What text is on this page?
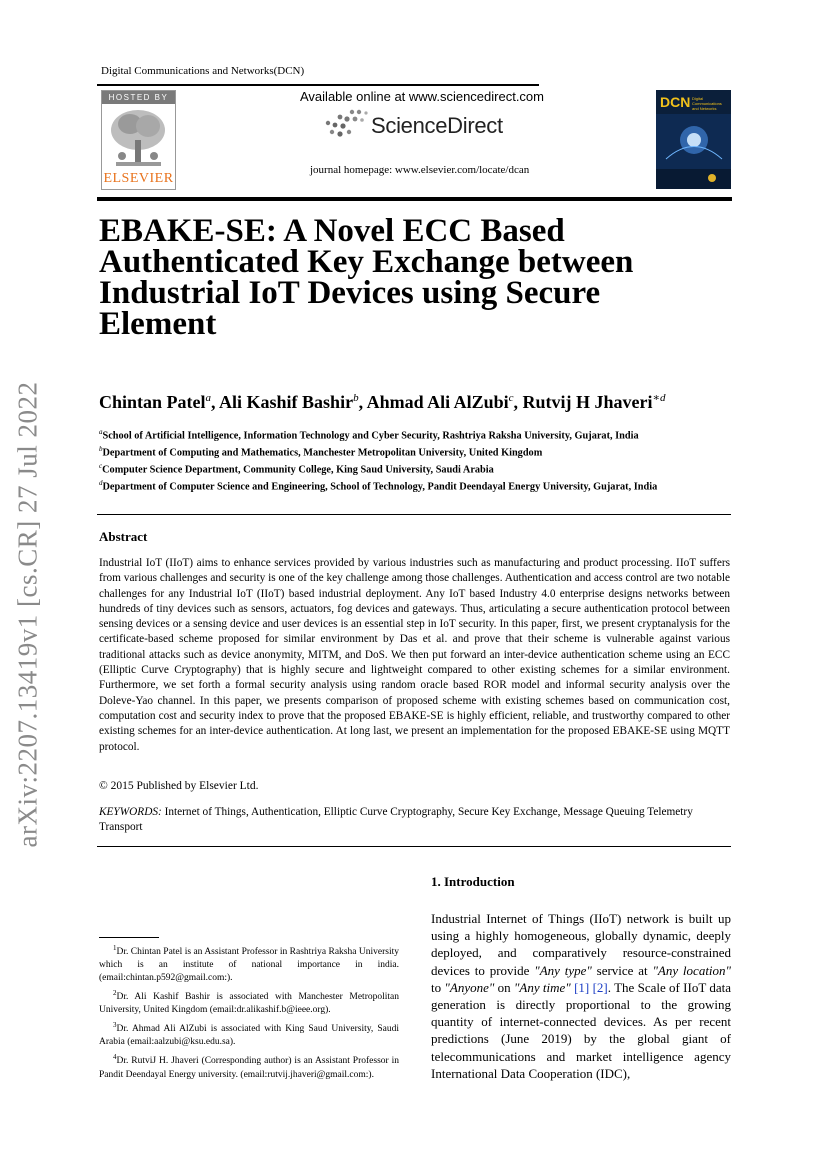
arXiv:2207.13419v1 [cs.CR] 27 Jul 2022
Digital Communications and Networks(DCN)
HOSTED BY
ELSEVIER
Available online at www.sciencedirect.com
ScienceDirect
journal homepage: www.elsevier.com/locate/dcan
DCN Digital Communications and Networks
EBAKE-SE: A Novel ECC Based Authenticated Key Exchange between Industrial IoT Devices using Secure Element
Chintan Patel$^a$, Ali Kashif Bashir$^b$, Ahmad Ali AlZubi$^c$, Rutvij H Jhaveri$^{∗d}$
$^a$School of Artificial Intelligence, Information Technology and Cyber Security, Rashtriya Raksha University, Gujarat, India
$^b$Department of Computing and Mathematics, Manchester Metropolitan University, United Kingdom
$^c$Computer Science Department, Community College, King Saud University, Saudi Arabia
$^d$Department of Computer Science and Engineering, School of Technology, Pandit Deendayal Energy University, Gujarat, India
Abstract
Industrial IoT (IIoT) aims to enhance services provided by various industries such as manufacturing and product processing. IIoT suffers from various challenges and security is one of the key challenge among those challenges. Authentication and access control are two notable challenges for any Industrial IoT (IIoT) based industrial deployment. Any IoT based Industry 4.0 enterprise designs networks between hundreds of tiny devices such as sensors, actuators, fog devices and gateways. Thus, articulating a secure authentication protocol between sensing devices or a sensing device and user devices is an essential step in IoT security. In this paper, first, we present cryptanalysis for the certificate-based scheme proposed for similar environment by Das et al. and prove that their scheme is vulnerable against various traditional attacks such as device anonymity, MITM, and DoS. We then put forward an inter-device authentication scheme using an ECC (Elliptic Curve Cryptography) that is highly secure and lightweight compared to other existing schemes for a similar environment. Furthermore, we set forth a formal security analysis using random oracle based ROR model and informal security analysis over the Doleve-Yao channel. In this paper, we presents comparison of proposed scheme with existing schemes based on communication cost, computation cost and security index to prove that the proposed EBAKE-SE is highly efficient, reliable, and trustworthy compared to other existing schemes for an inter-device authentication. At long last, we present an implementation for the proposed EBAKE-SE using MQTT protocol.
© 2015 Published by Elsevier Ltd.
KEYWORDS: Internet of Things, Authentication, Elliptic Curve Cryptography, Secure Key Exchange, Message Queuing Telemetry Transport
1. Introduction
Industrial Internet of Things (IIoT) network is built up using a highly homogeneous, globally dynamic, deeply deployed, and comparatively resource-constrained devices to provide "Any type" service at "Any location" to "Anyone" on "Any time" [1] [2]. The Scale of IIoT data generation is directly proportional to the growing quantity of internet-connected devices. As per recent predictions (June 2019) by the global giant of telecommunications and market intelligence agency International Data Cooperation (IDC),

$^1$Dr. Chintan Patel is an Assistant Professor in Rashtriya Raksha University which is an institute of national importance in india. (email:chintan.p592@gmail.com:).

$^2$Dr. Ali Kashif Bashir is associated with Manchester Metropolitan University, United Kingdom (email:dr.alikashif.b@ieee.org).

$^3$Dr. Ahmad Ali AlZubi is associated with King Saud University, Saudi Arabia (email:aalzubi@ksu.edu.sa).

$^4$Dr. RutviJ H. Jhaveri (Corresponding author) is an Assistant Professor in Pandit Deendayal Energy university. (email:rutvij.jhaveri@gmail.com:).
